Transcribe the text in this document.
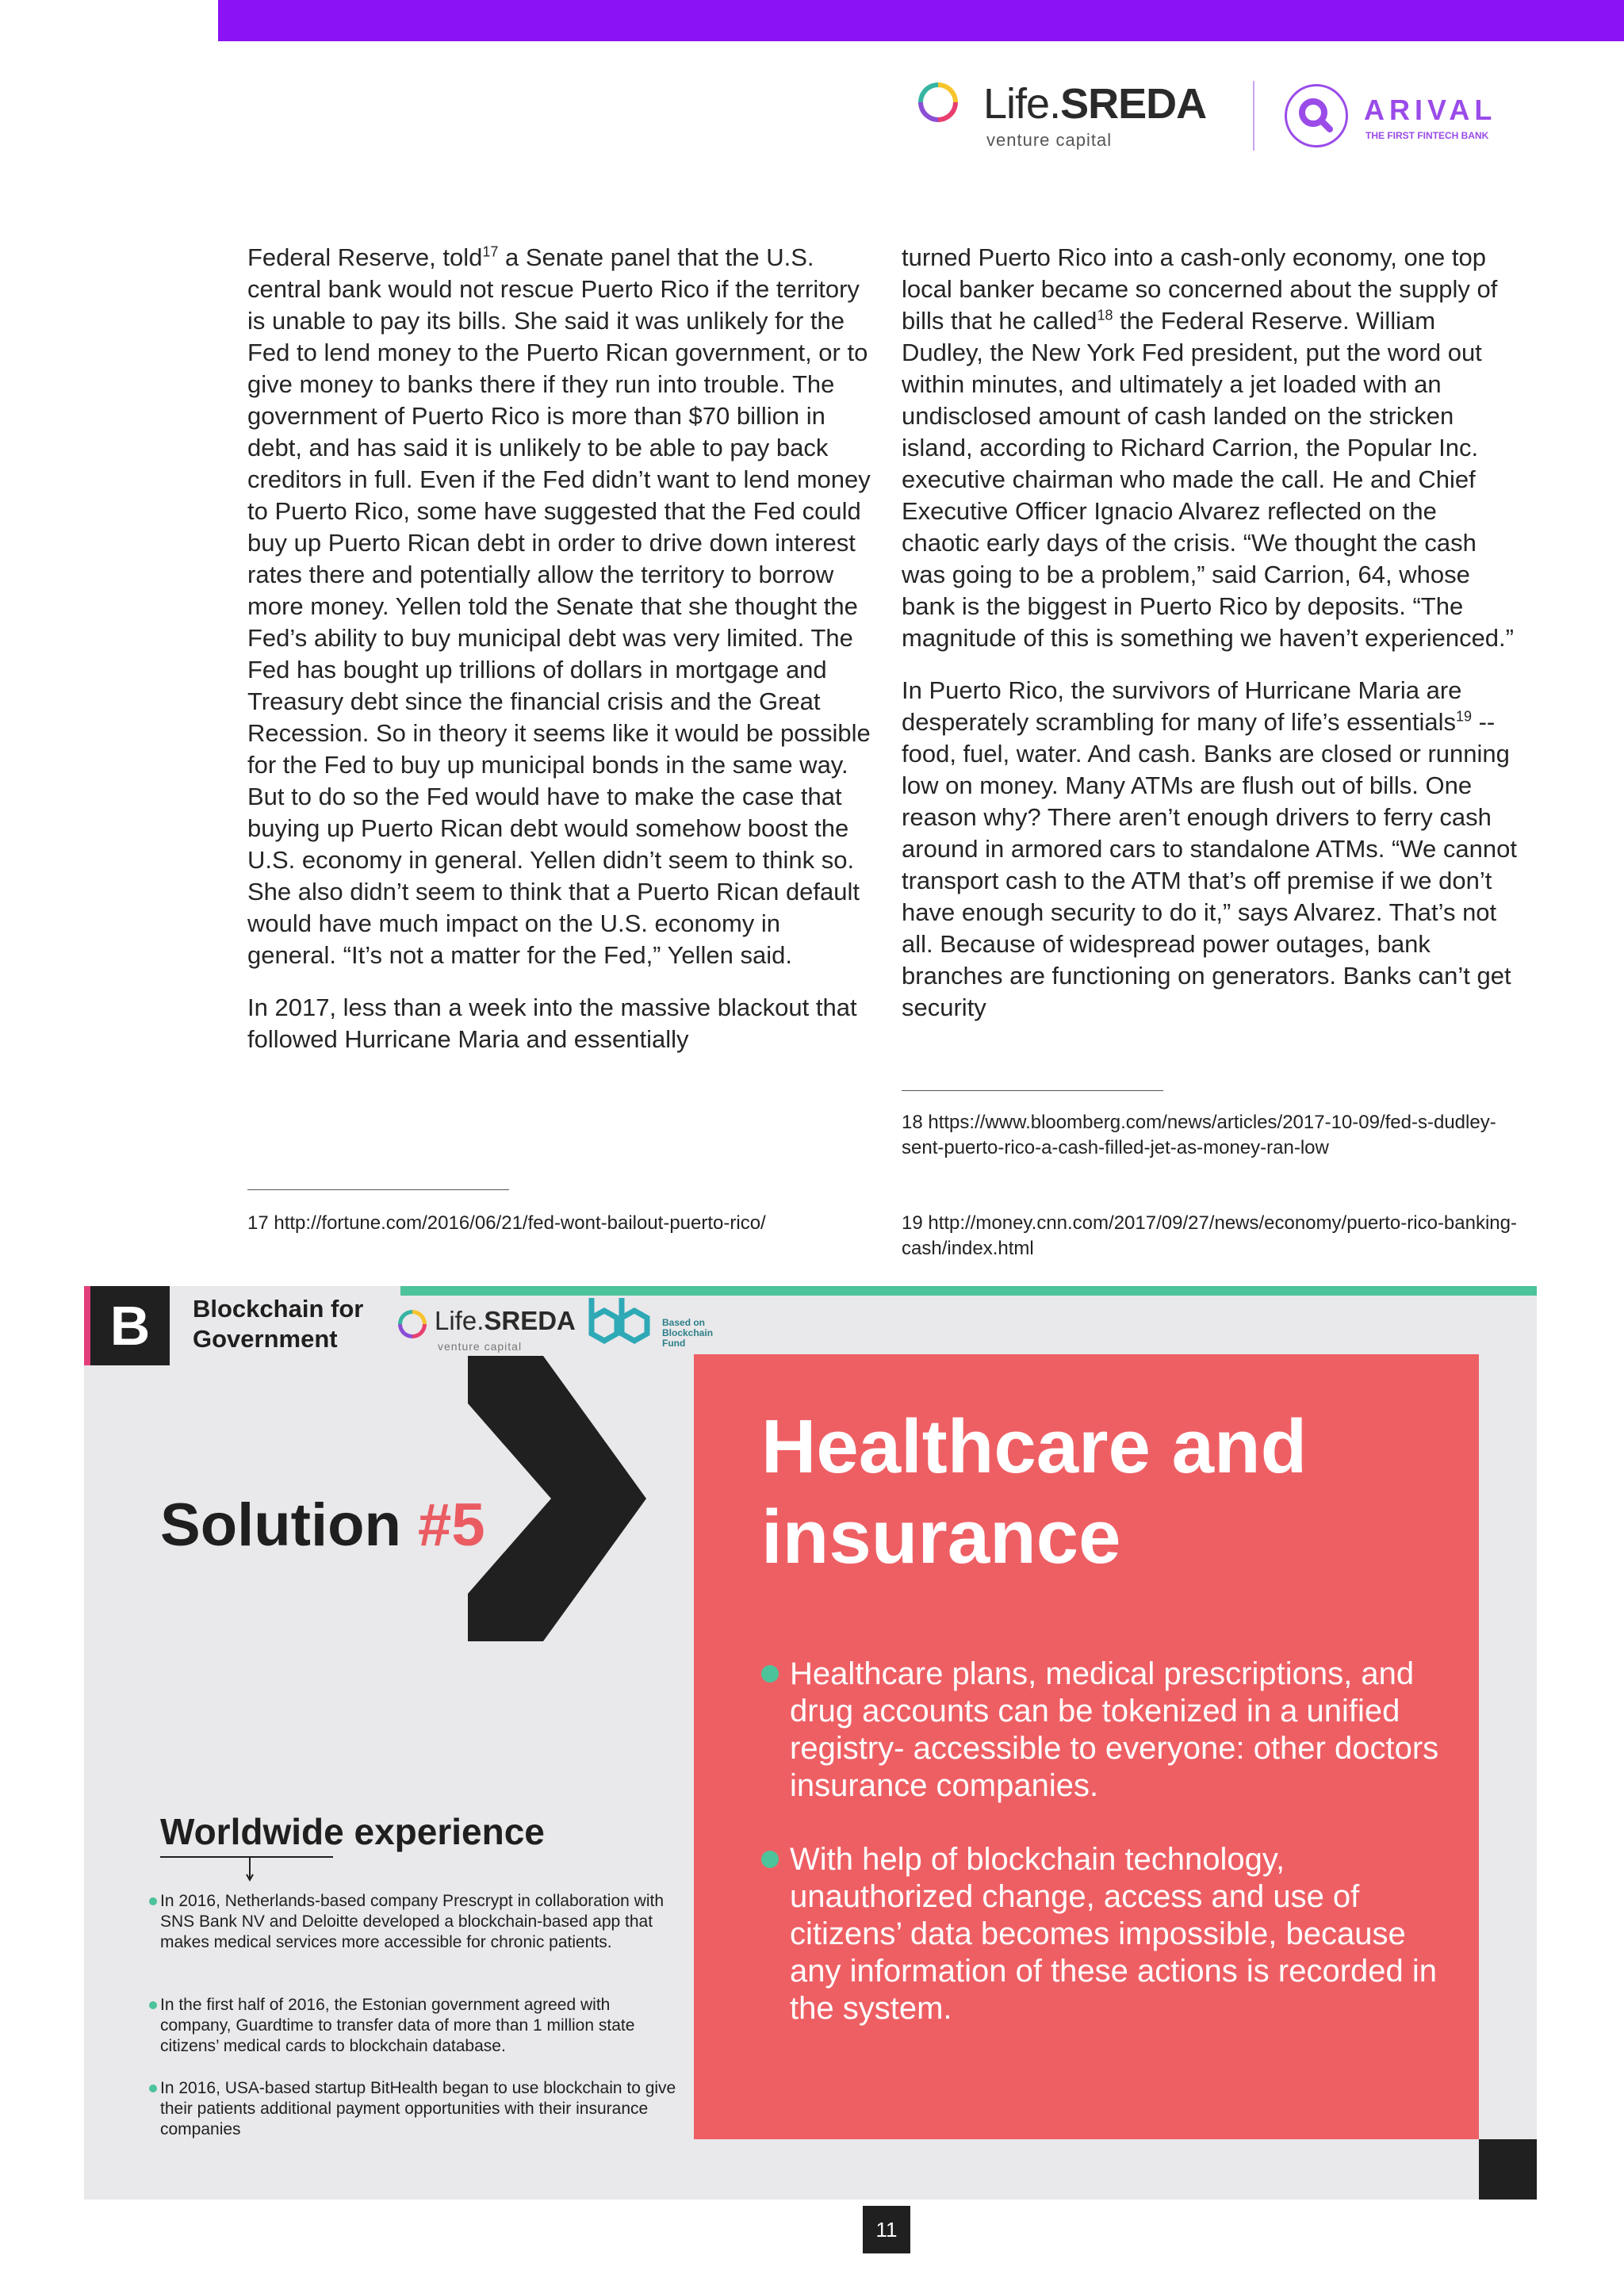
Life.SREDA
venture capital
ARIVAL
THE FIRST FINTECH BANK

Federal Reserve, told$^{17}$ a Senate panel that the U.S. central bank would not rescue Puerto Rico if the territory is unable to pay its bills. She said it was unlikely for the Fed to lend money to the Puerto Rican government, or to give money to banks there if they run into trouble. The government of Puerto Rico is more than $70 billion in debt, and has said it is unlikely to be able to pay back creditors in full. Even if the Fed didn’t want to lend money to Puerto Rico, some have suggested that the Fed could buy up Puerto Rican debt in order to drive down interest rates there and potentially allow the territory to borrow more money. Yellen told the Senate that she thought the Fed’s ability to buy municipal debt was very limited. The Fed has bought up trillions of dollars in mortgage and Treasury debt since the financial crisis and the Great Recession. So in theory it seems like it would be possible for the Fed to buy up municipal bonds in the same way. But to do so the Fed would have to make the case that buying up Puerto Rican debt would somehow boost the U.S. economy in general. Yellen didn’t seem to think so. She also didn’t seem to think that a Puerto Rican default would have much impact on the U.S. economy in general. “It’s not a matter for the Fed,” Yellen said.

In 2017, less than a week into the massive blackout that followed Hurricane Maria and essentially

17 http://fortune.com/2016/06/21/fed-wont-bailout-puerto-rico/

turned Puerto Rico into a cash-only economy, one top local banker became so concerned about the supply of bills that he called$^{18}$ the Federal Reserve. William Dudley, the New York Fed president, put the word out within minutes, and ultimately a jet loaded with an undisclosed amount of cash landed on the stricken island, according to Richard Carrion, the Popular Inc. executive chairman who made the call. He and Chief Executive Officer Ignacio Alvarez reflected on the chaotic early days of the crisis. “We thought the cash was going to be a problem,” said Carrion, 64, whose bank is the biggest in Puerto Rico by deposits. “The magnitude of this is something we haven’t experienced.”

In Puerto Rico, the survivors of Hurricane Maria are desperately scrambling for many of life’s essentials$^{19}$ -- food, fuel, water. And cash. Banks are closed or running low on money. Many ATMs are flush out of bills. One reason why? There aren’t enough drivers to ferry cash around in armored cars to standalone ATMs. “We cannot transport cash to the ATM that’s off premise if we don’t have enough security to do it,” says Alvarez. That’s not all. Because of widespread power outages, bank branches are functioning on generators. Banks can’t get security

18 https://www.bloomberg.com/news/articles/2017-10-09/fed-s-dudley-sent-puerto-rico-a-cash-filled-jet-as-money-ran-low
19 http://money.cnn.com/2017/09/27/news/economy/puerto-rico-banking-cash/index.html
B	Blockchain for
Government
Life.SREDA
venture capital
Based on
Blockchain
Fund
Solution #5
Healthcare and
insurance
Healthcare plans, medical prescriptions, and drug accounts can be tokenized in a unified registry- accessible to everyone: other doctors insurance companies.
With help of blockchain technology, unauthorized change, access and use of citizens’ data becomes impossible, because any information of these actions is recorded in the system.
Worldwide experience
In 2016, Netherlands-based company Prescrypt in collaboration with SNS Bank NV and Deloitte developed a blockchain-based app that makes medical services more accessible for chronic patients.
In the first half of 2016, the Estonian government agreed with company, Guardtime to transfer data of more than 1 million state citizens’ medical cards to blockchain database.
In 2016, USA-based startup BitHealth began to use blockchain to give their patients additional payment opportunities with their insurance companies
11
